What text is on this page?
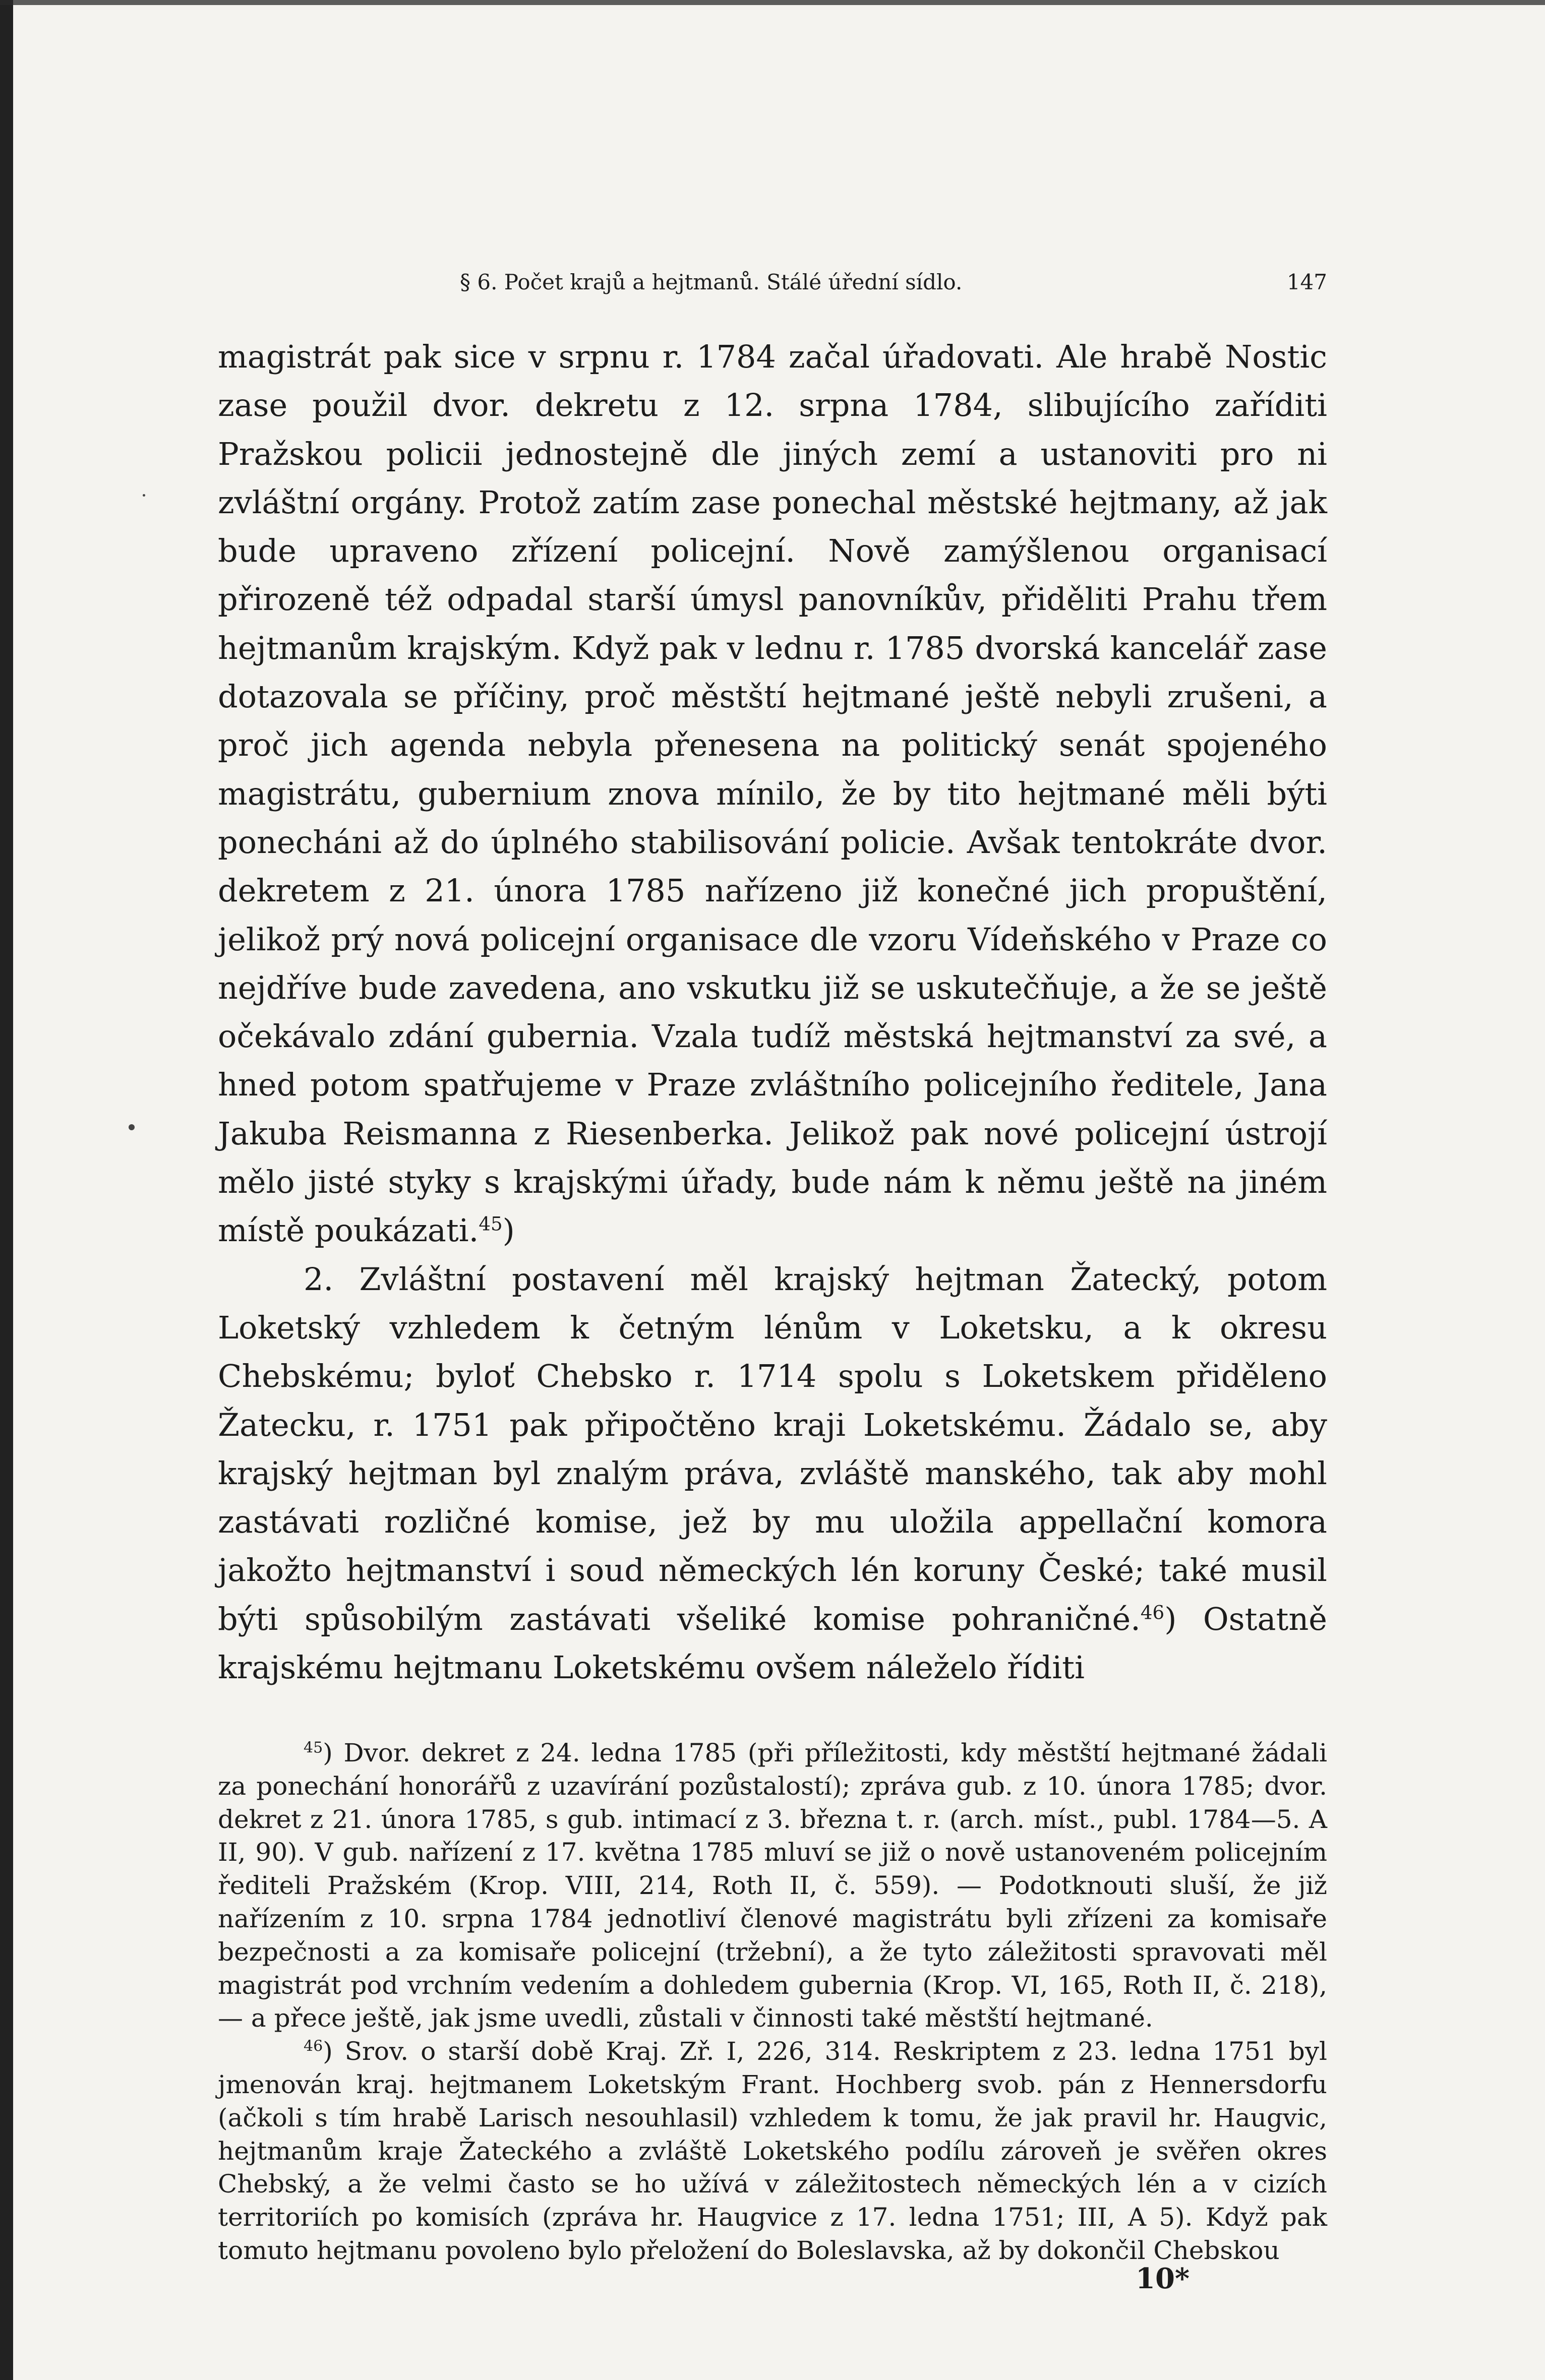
§ 6. Počet krajů a hejtmanů. Stálé úřední sídlo.	147

magistrát pak sice v srpnu r. 1784 začal úřadovati. Ale hrabě Nostic zase použil dvor. dekretu z 12. srpna 1784, slibujícího zaříditi Pražskou policii jednostejně dle jiných zemí a ustanoviti pro ni zvláštní orgány. Protož zatím zase ponechal městské hejtmany, až jak bude upraveno zřízení policejní. Nově zamýšlenou organisací přirozeně též odpadal starší úmysl panovníkův, přiděliti Prahu třem hejtmanům krajským. Když pak v lednu r. 1785 dvorská kancelář zase dotazovala se příčiny, proč městští hejtmané ještě nebyli zrušeni, a proč jich agenda nebyla přenesena na politický senát spojeného magistrátu, gubernium znova mínilo, že by tito hejtmané měli býti ponecháni až do úplného stabilisování policie. Avšak tentokráte dvor. dekretem z 21. února 1785 nařízeno již konečné jich propuštění, jelikož prý nová policejní organisace dle vzoru Vídeňského v Praze co nejdříve bude zavedena, ano vskutku již se uskutečňuje, a že se ještě očekávalo zdání gubernia. Vzala tudíž městská hejtmanství za své, a hned potom spatřujeme v Praze zvláštního policejního ředitele, Jana Jakuba Reismanna z Riesenberka. Jelikož pak nové policejní ústrojí mělo jisté styky s krajskými úřady, bude nám k němu ještě na jiném místě poukázati.$^{45}$)

2. Zvláštní postavení měl krajský hejtman Žatecký, potom Loketský vzhledem k četným lénům v Loketsku, a k okresu Chebskému; byloť Chebsko r. 1714 spolu s Loketskem přiděleno Žatecku, r. 1751 pak připočtěno kraji Loketskému. Žádalo se, aby krajský hejtman byl znalým práva, zvláště manského, tak aby mohl zastávati rozličné komise, jež by mu uložila appellační komora jakožto hejtmanství i soud německých lén koruny České; také musil býti spůsobilým zastávati všeliké komise pohraničné.$^{46}$) Ostatně krajskému hejtmanu Loketskému ovšem náleželo říditi

$^{45}$) Dvor. dekret z 24. ledna 1785 (při příležitosti, kdy městští hejtmané žádali za ponechání honorářů z uzavírání pozůstalostí); zpráva gub. z 10. února 1785; dvor. dekret z 21. února 1785, s gub. intimací z 3. března t. r. (arch. míst., publ. 1784—5. A II, 90). V gub. nařízení z 17. května 1785 mluví se již o nově ustanoveném policejním řediteli Pražském (Krop. VIII, 214, Roth II, č. 559). — Podotknouti sluší, že již nařízením z 10. srpna 1784 jednotliví členové magistrátu byli zřízeni za komisaře bezpečnosti a za komisaře policejní (tržební), a že tyto záležitosti spravovati měl magistrát pod vrchním vedením a dohledem gubernia (Krop. VI, 165, Roth II, č. 218), — a přece ještě, jak jsme uvedli, zůstali v činnosti také městští hejtmané.

$^{46}$) Srov. o starší době Kraj. Zř. I, 226, 314. Reskriptem z 23. ledna 1751 byl jmenován kraj. hejtmanem Loketským Frant. Hochberg svob. pán z Hennersdorfu (ačkoli s tím hrabě Larisch nesouhlasil) vzhledem k tomu, že jak pravil hr. Haugvic, hejtmanům kraje Žateckého a zvláště Loketského podílu zároveň je svěřen okres Chebský, a že velmi často se ho užívá v záležitostech německých lén a v cizích territoriích po komisích (zpráva hr. Haugvice z 17. ledna 1751; III, A 5). Když pak tomuto hejtmanu povoleno bylo přeložení do Boleslavska, až by dokončil Chebskou

10*
